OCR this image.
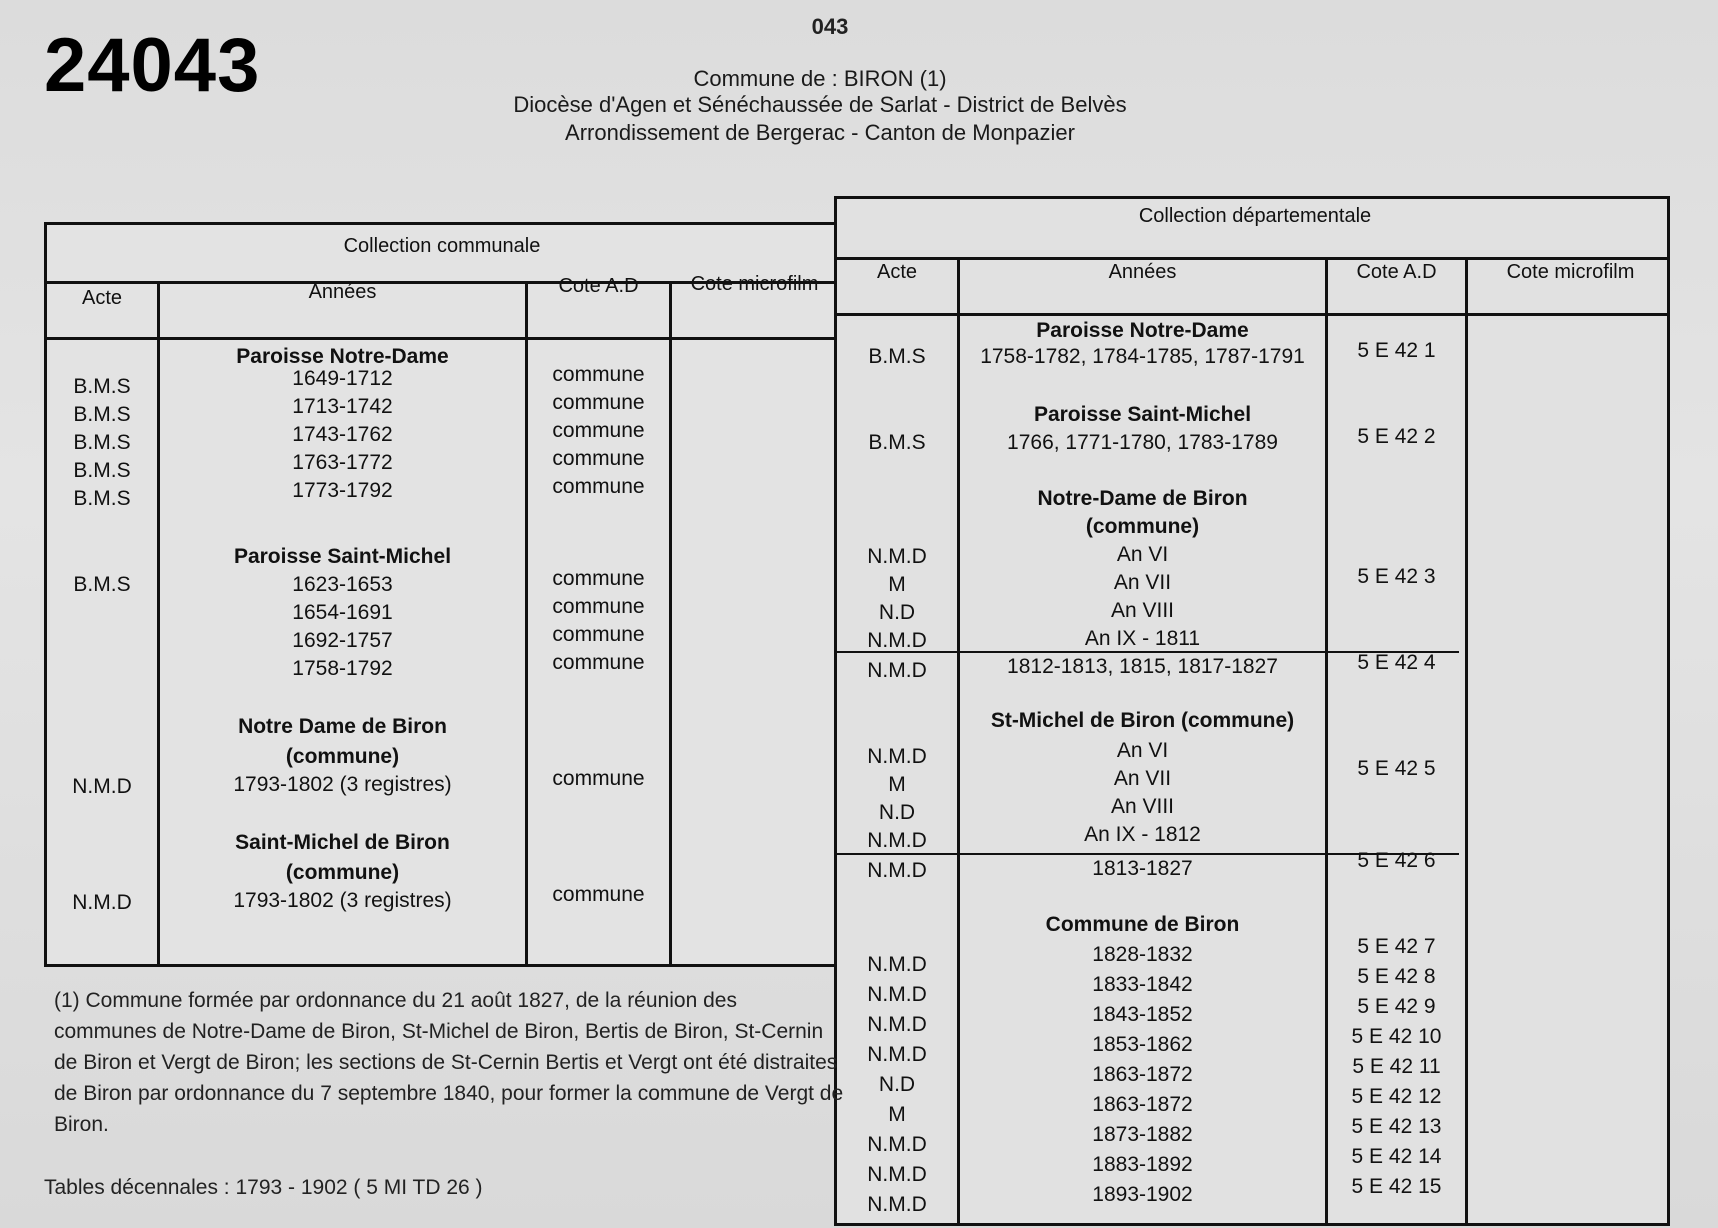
24043	043
Commune de : BIRON (1)
Diocèse d'Agen et Sénéchaussée de Sarlat - District de Belvès
Arrondissement de Bergerac - Canton de Monpazier
Collection communale
Acte	Années	Cote A.D	Cote microfilm
Paroisse Notre-Dame
B.M.S	1649-1712	commune
B.M.S	1713-1742	commune
B.M.S	1743-1762	commune
B.M.S	1763-1772	commune
B.M.S	1773-1792	commune
Paroisse Saint-Michel
B.M.S	1623-1653	commune
1654-1691	commune
1692-1757	commune
1758-1792	commune
Notre Dame de Biron
(commune)
N.M.D	1793-1802 (3 registres)	commune
Saint-Michel de Biron
(commune)
N.M.D	1793-1802 (3 registres)	commune
Collection départementale
Acte	Années	Cote A.D	Cote microfilm
Paroisse Notre-Dame
B.M.S	1758-1782, 1784-1785, 1787-1791	5 E 42 1
Paroisse Saint-Michel
B.M.S	1766, 1771-1780, 1783-1789	5 E 42 2
Notre-Dame de Biron
(commune)
N.M.D	An VI
M	An VII	5 E 42 3
N.D	An VIII
N.M.D	An IX - 1811
N.M.D	1812-1813, 1815, 1817-1827	5 E 42 4
St-Michel de Biron (commune)
N.M.D	An VI
M	An VII	5 E 42 5
N.D	An VIII
N.M.D	An IX - 1812
N.M.D	1813-1827	5 E 42 6
Commune de Biron
N.M.D	1828-1832	5 E 42 7
N.M.D	1833-1842	5 E 42 8
N.M.D	1843-1852	5 E 42 9
N.M.D	1853-1862	5 E 42 10
N.D	1863-1872	5 E 42 11
M	1863-1872	5 E 42 12
N.M.D	1873-1882	5 E 42 13
N.M.D	1883-1892	5 E 42 14
N.M.D	1893-1902	5 E 42 15
(1) Commune formée par ordonnance du 21 août 1827, de la réunion des communes de Notre-Dame de Biron, St-Michel de Biron, Bertis de Biron, St-Cernin de Biron et Vergt de Biron; les sections de St-Cernin Bertis et Vergt ont été distraites de Biron par ordonnance du 7 septembre 1840, pour former la commune de Vergt de Biron.
Tables décennales : 1793 - 1902 ( 5 MI TD 26 )
